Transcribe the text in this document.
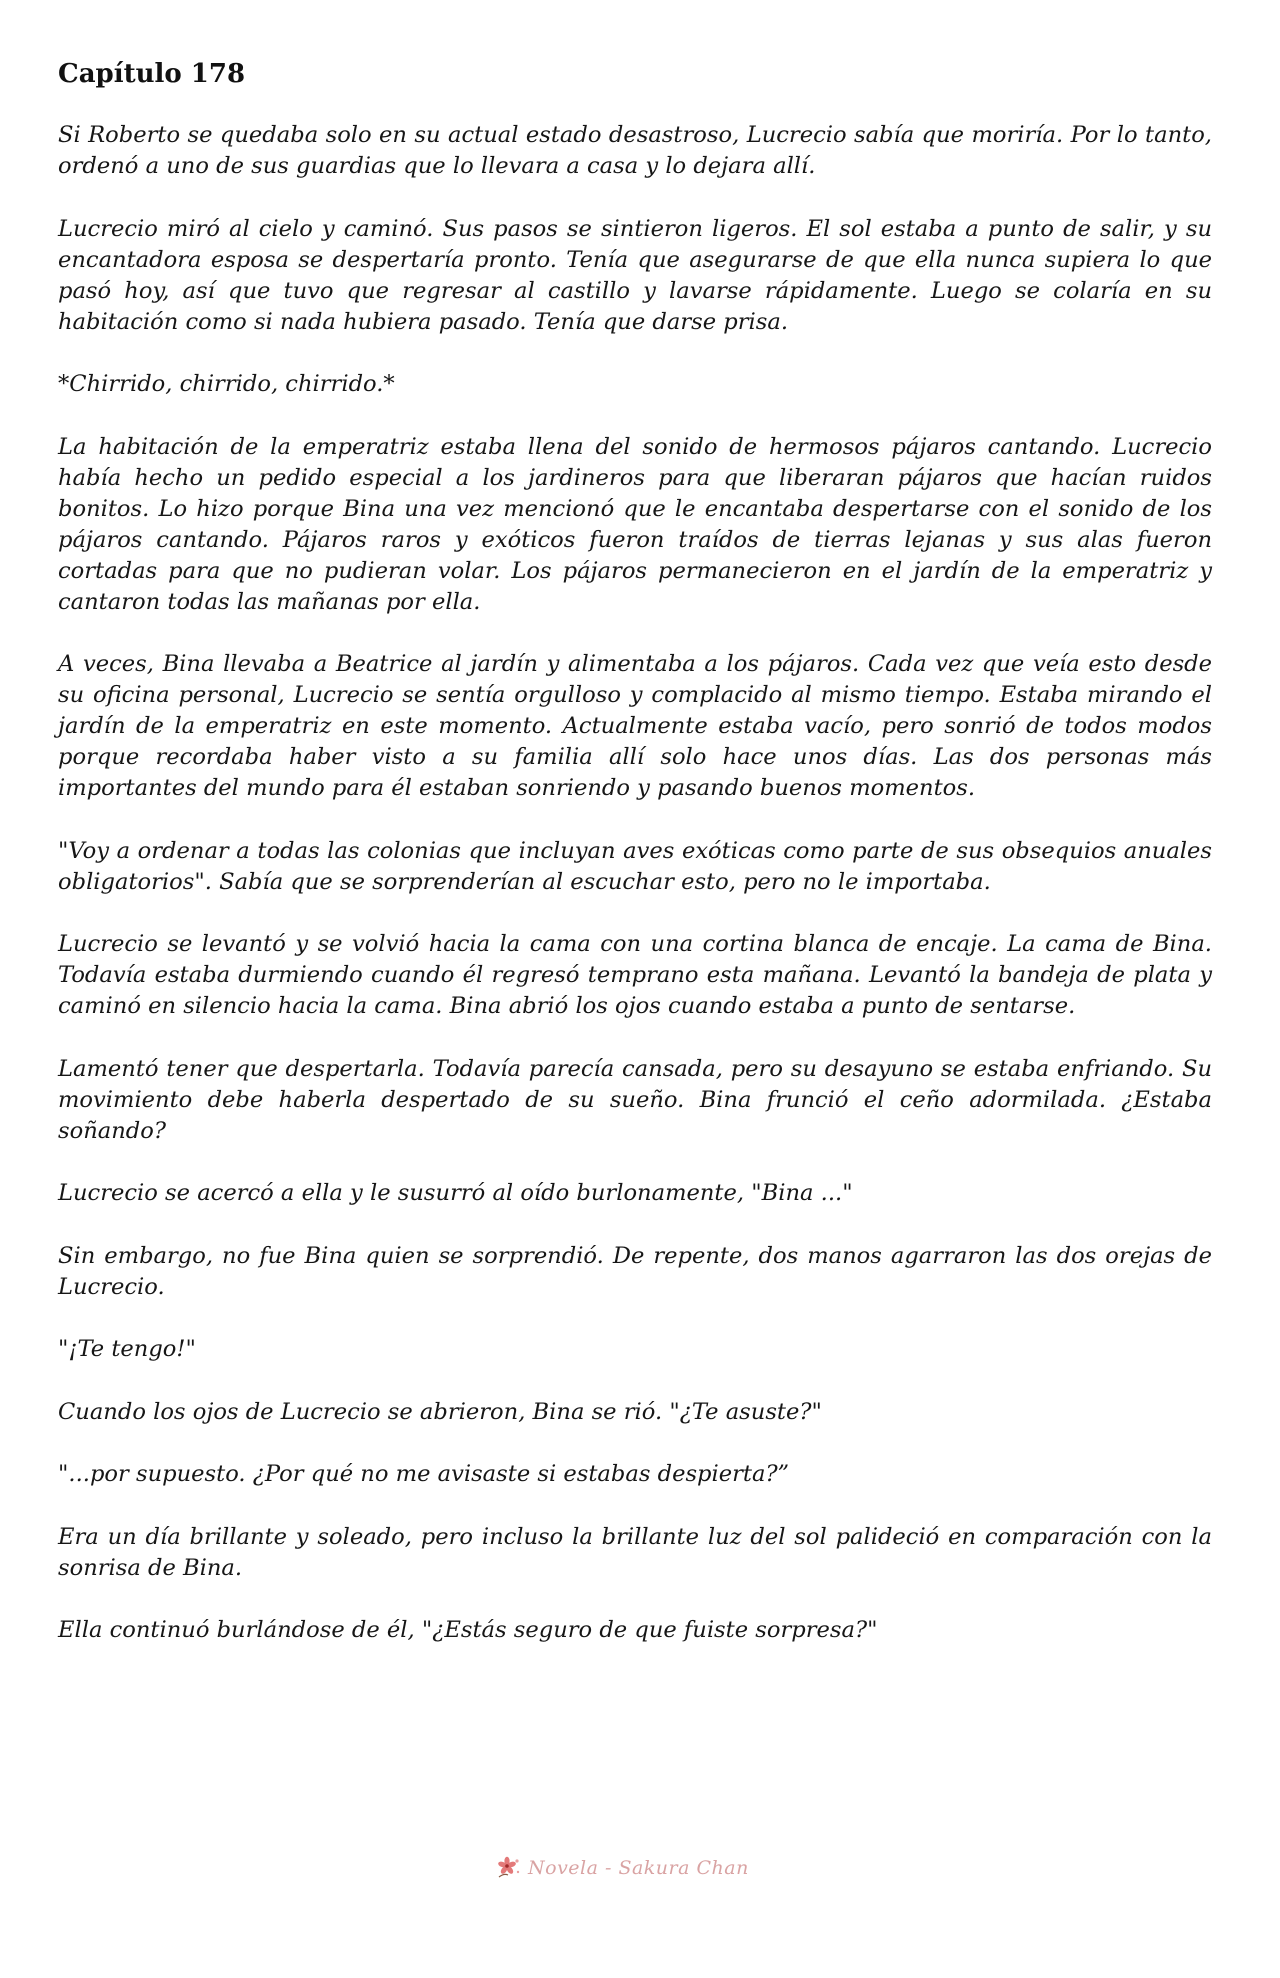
Capítulo 178

Si Roberto se quedaba solo en su actual estado desastroso, Lucrecio sabía que moriría. Por lo tanto, ordenó a uno de sus guardias que lo llevara a casa y lo dejara allí.

Lucrecio miró al cielo y caminó. Sus pasos se sintieron ligeros. El sol estaba a punto de salir, y su encantadora esposa se despertaría pronto. Tenía que asegurarse de que ella nunca supiera lo que pasó hoy, así que tuvo que regresar al castillo y lavarse rápidamente. Luego se colaría en su habitación como si nada hubiera pasado. Tenía que darse prisa.

*Chirrido, chirrido, chirrido.*

La habitación de la emperatriz estaba llena del sonido de hermosos pájaros cantando. Lucrecio había hecho un pedido especial a los jardineros para que liberaran pájaros que hacían ruidos bonitos. Lo hizo porque Bina una vez mencionó que le encantaba despertarse con el sonido de los pájaros cantando. Pájaros raros y exóticos fueron traídos de tierras lejanas y sus alas fueron cortadas para que no pudieran volar. Los pájaros permanecieron en el jardín de la emperatriz y cantaron todas las mañanas por ella.

A veces, Bina llevaba a Beatrice al jardín y alimentaba a los pájaros. Cada vez que veía esto desde su oficina personal, Lucrecio se sentía orgulloso y complacido al mismo tiempo. Estaba mirando el jardín de la emperatriz en este momento. Actualmente estaba vacío, pero sonrió de todos modos porque recordaba haber visto a su familia allí solo hace unos días. Las dos personas más importantes del mundo para él estaban sonriendo y pasando buenos momentos.

"Voy a ordenar a todas las colonias que incluyan aves exóticas como parte de sus obsequios anuales obligatorios". Sabía que se sorprenderían al escuchar esto, pero no le importaba.

Lucrecio se levantó y se volvió hacia la cama con una cortina blanca de encaje. La cama de Bina. Todavía estaba durmiendo cuando él regresó temprano esta mañana. Levantó la bandeja de plata y caminó en silencio hacia la cama. Bina abrió los ojos cuando estaba a punto de sentarse.

Lamentó tener que despertarla. Todavía parecía cansada, pero su desayuno se estaba enfriando. Su movimiento debe haberla despertado de su sueño. Bina frunció el ceño adormilada. ¿Estaba soñando?

Lucrecio se acercó a ella y le susurró al oído burlonamente, "Bina ..."

Sin embargo, no fue Bina quien se sorprendió. De repente, dos manos agarraron las dos orejas de Lucrecio.

"¡Te tengo!"

Cuando los ojos de Lucrecio se abrieron, Bina se rió. "¿Te asuste?"

"...por supuesto. ¿Por qué no me avisaste si estabas despierta?”

Era un día brillante y soleado, pero incluso la brillante luz del sol palideció en comparación con la sonrisa de Bina.

Ella continuó burlándose de él, "¿Estás seguro de que fuiste sorpresa?"

Novela - Sakura Chan
